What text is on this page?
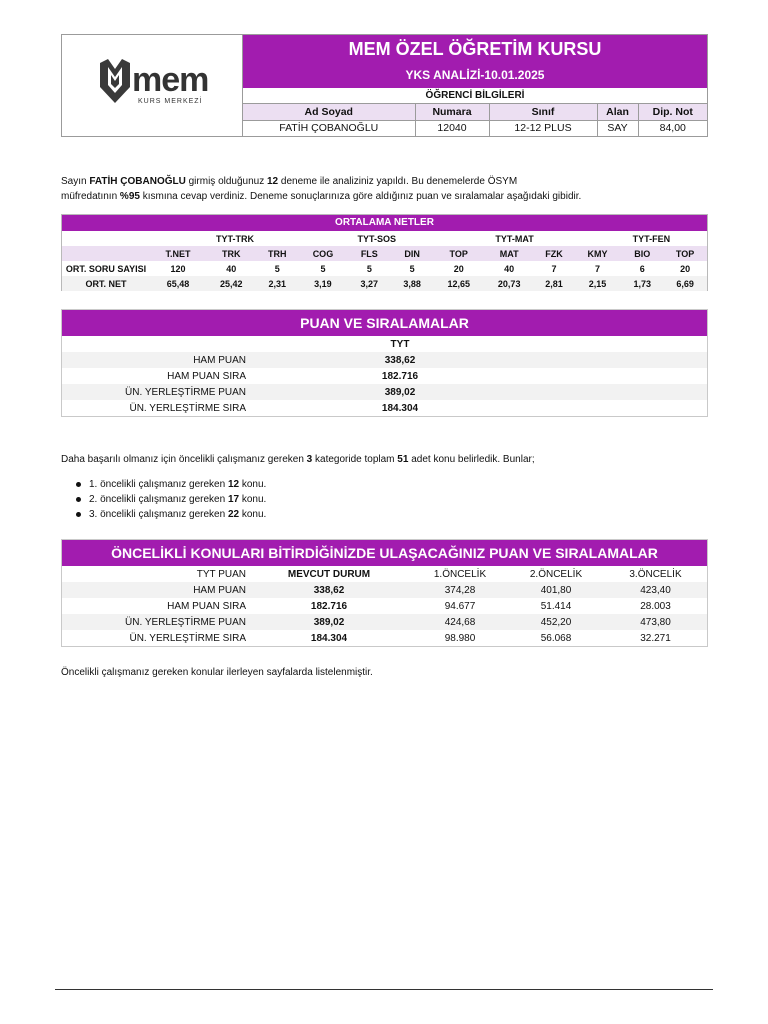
mem
KURS MERKEZİ
MEM ÖZEL ÖĞRETİM KURSU
YKS ANALİZİ-10.01.2025
ÖĞRENCİ BİLGİLERİ
Ad Soyad	Numara	Sınıf	Alan	Dip. Not
FATİH ÇOBANOĞLU	12040	12-12 PLUS	SAY	84,00
Sayın FATİH ÇOBANOĞLU girmiş olduğunuz 12 deneme ile analiziniz yapıldı. Bu denemelerde ÖSYM
müfredatının %95 kısmına cevap verdiniz. Deneme sonuçlarınıza göre aldığınız puan ve sıralamalar aşağıdaki gibidir.
ORTALAMA NETLER
	TYT-TRK			TYT-SOS			TYT-MAT			TYT-FEN		
	T.NET	TRK	TRH	COG	FLS	DIN	TOP	MAT	FZK	KMY	BIO	TOP
ORT. SORU SAYISI	120	40	5	5	5	5	20	40	7	7	6	20
ORT. NET	65,48	25,42	2,31	3,19	3,27	3,88	12,65	20,73	2,81	2,15	1,73	6,69
PUAN VE SIRALAMALAR
		TYT	
HAM PUAN		338,62	
HAM PUAN SIRA		182.716	
ÜN. YERLEŞTİRME PUAN		389,02	
ÜN. YERLEŞTİRME SIRA		184.304	
Daha başarılı olmanız için öncelikli çalışmanız gereken 3 kategoride toplam 51 adet konu belirledik. Bunlar;
1. öncelikli çalışmanız gereken 12 konu.
2. öncelikli çalışmanız gereken 17 konu.
3. öncelikli çalışmanız gereken 22 konu.
ÖNCELİKLİ KONULARI BİTİRDİĞİNİZDE ULAŞACAĞINIZ PUAN VE SIRALAMALAR
TYT PUAN	MEVCUT DURUM	1.ÖNCELİK	2.ÖNCELİK	3.ÖNCELİK
HAM PUAN	338,62	374,28	401,80	423,40
HAM PUAN SIRA	182.716	94.677	51.414	28.003
ÜN. YERLEŞTİRME PUAN	389,02	424,68	452,20	473,80
ÜN. YERLEŞTİRME SIRA	184.304	98.980	56.068	32.271
Öncelikli çalışmanız gereken konular ilerleyen sayfalarda listelenmiştir.
